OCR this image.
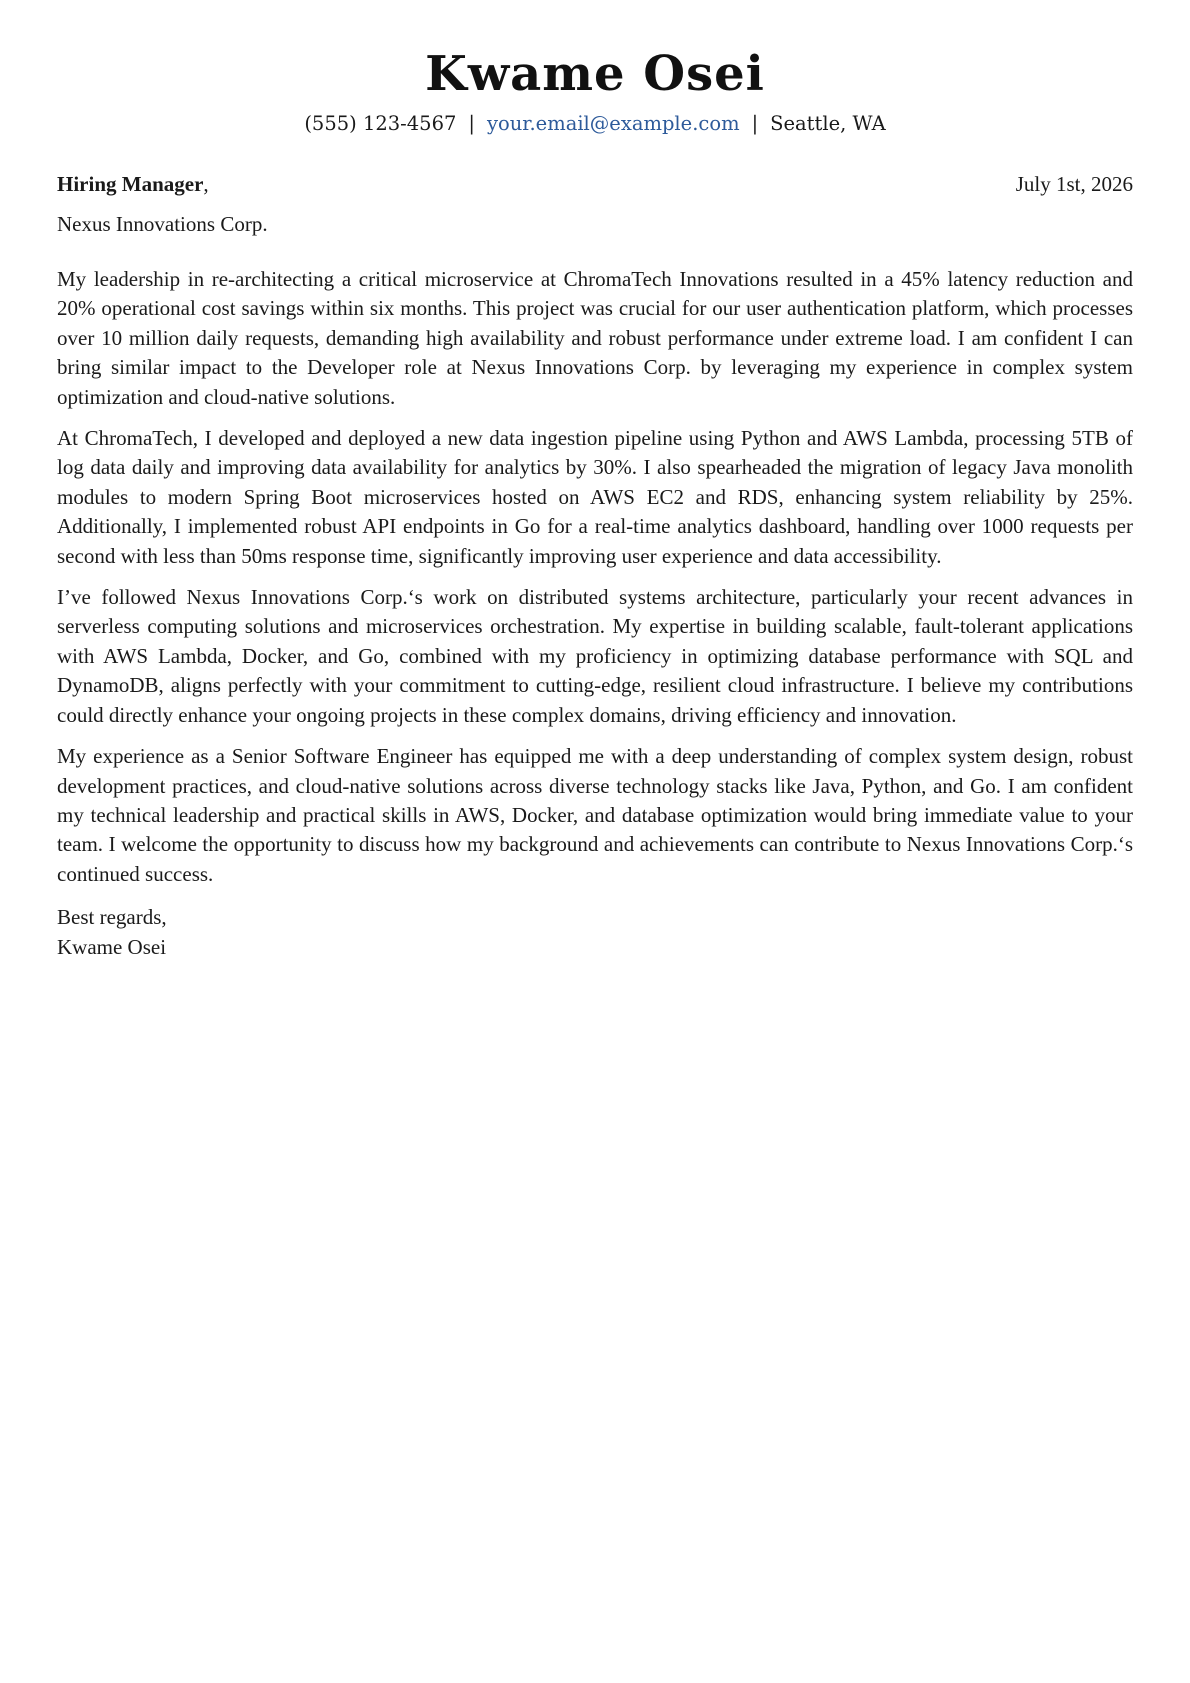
Kwame Osei
(555) 123-4567 | your.email@example.com | Seattle, WA
Hiring Manager,	July 1st, 2026
Nexus Innovations Corp.

My leadership in re-architecting a critical microservice at ChromaTech Innovations resulted in a 45% latency reduction and 20% operational cost savings within six months. This project was crucial for our user authentication platform, which processes over 10 million daily requests, demanding high availability and robust performance under extreme load. I am confident I can bring similar impact to the Developer role at Nexus Innovations Corp. by leveraging my experience in complex system optimization and cloud-native solutions.

At ChromaTech, I developed and deployed a new data ingestion pipeline using Python and AWS Lambda, processing 5TB of log data daily and improving data availability for analytics by 30%. I also spearheaded the migration of legacy Java monolith modules to modern Spring Boot microservices hosted on AWS EC2 and RDS, enhancing system reliability by 25%. Additionally, I implemented robust API endpoints in Go for a real-time analytics dashboard, handling over 1000 requests per second with less than 50ms response time, significantly improving user experience and data accessibility.

I’ve followed Nexus Innovations Corp.‘s work on distributed systems architecture, particularly your recent advances in serverless computing solutions and microservices orchestration. My expertise in building scalable, fault-tolerant applications with AWS Lambda, Docker, and Go, combined with my proficiency in optimizing database performance with SQL and DynamoDB, aligns perfectly with your commitment to cutting-edge, resilient cloud infrastructure. I believe my contributions could directly enhance your ongoing projects in these complex domains, driving efficiency and innovation.

My experience as a Senior Software Engineer has equipped me with a deep understanding of complex system design, robust development practices, and cloud-native solutions across diverse technology stacks like Java, Python, and Go. I am confident my technical leadership and practical skills in AWS, Docker, and database optimization would bring immediate value to your team. I welcome the opportunity to discuss how my background and achievements can contribute to Nexus Innovations Corp.‘s continued success.

Best regards,
Kwame Osei
